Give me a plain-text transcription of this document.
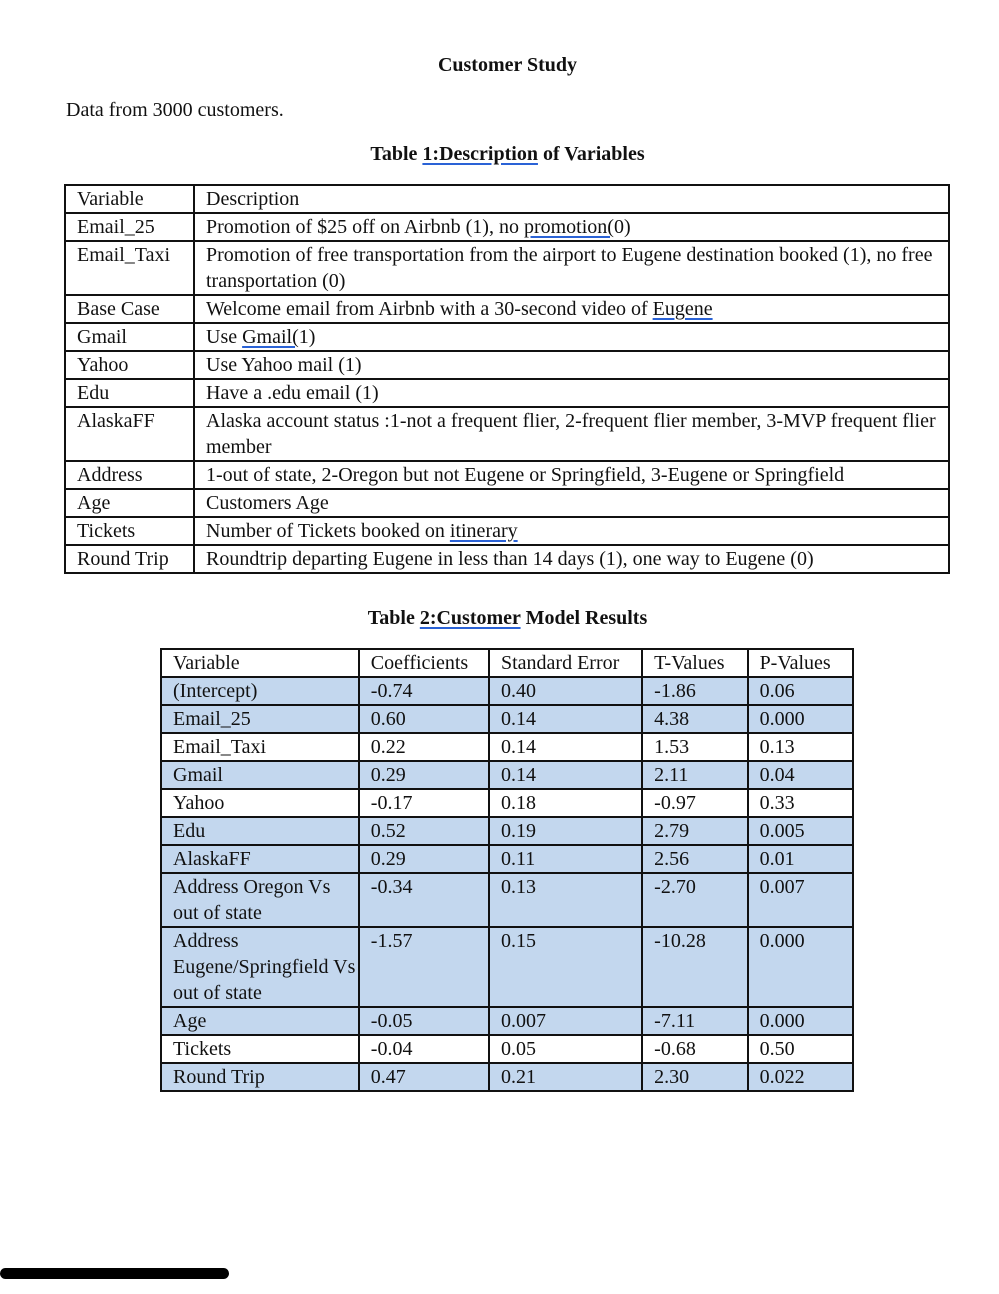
Customer Study
Data from 3000 customers.
Table 1:Description of Variables
Variable	Description
Email_25	Promotion of $25 off on Airbnb (1), no promotion(0)
Email_Taxi	Promotion of free transportation from the airport to Eugene destination booked (1), no free transportation (0)
Base Case	Welcome email from Airbnb with a 30-second video of Eugene
Gmail	Use Gmail(1)
Yahoo	Use Yahoo mail (1)
Edu	Have a .edu email (1)
AlaskaFF	Alaska account status :1-not a frequent flier, 2-frequent flier member, 3-MVP frequent flier member
Address	1-out of state, 2-Oregon but not Eugene or Springfield, 3-Eugene or Springfield
Age	Customers Age
Tickets	Number of Tickets booked on itinerary
Round Trip	Roundtrip departing Eugene in less than 14 days (1), one way to Eugene (0)
Table 2:Customer Model Results
Variable	Coefficients	Standard Error	T-Values	P-Values
(Intercept)	-0.74	0.40	-1.86	0.06
Email_25	0.60	0.14	4.38	0.000
Email_Taxi	0.22	0.14	1.53	0.13
Gmail	0.29	0.14	2.11	0.04
Yahoo	-0.17	0.18	-0.97	0.33
Edu	0.52	0.19	2.79	0.005
AlaskaFF	0.29	0.11	2.56	0.01
Address Oregon Vs out of state	-0.34	0.13	-2.70	0.007
Address Eugene/Springfield Vs out of state	-1.57	0.15	-10.28	0.000
Age	-0.05	0.007	-7.11	0.000
Tickets	-0.04	0.05	-0.68	0.50
Round Trip	0.47	0.21	2.30	0.022
